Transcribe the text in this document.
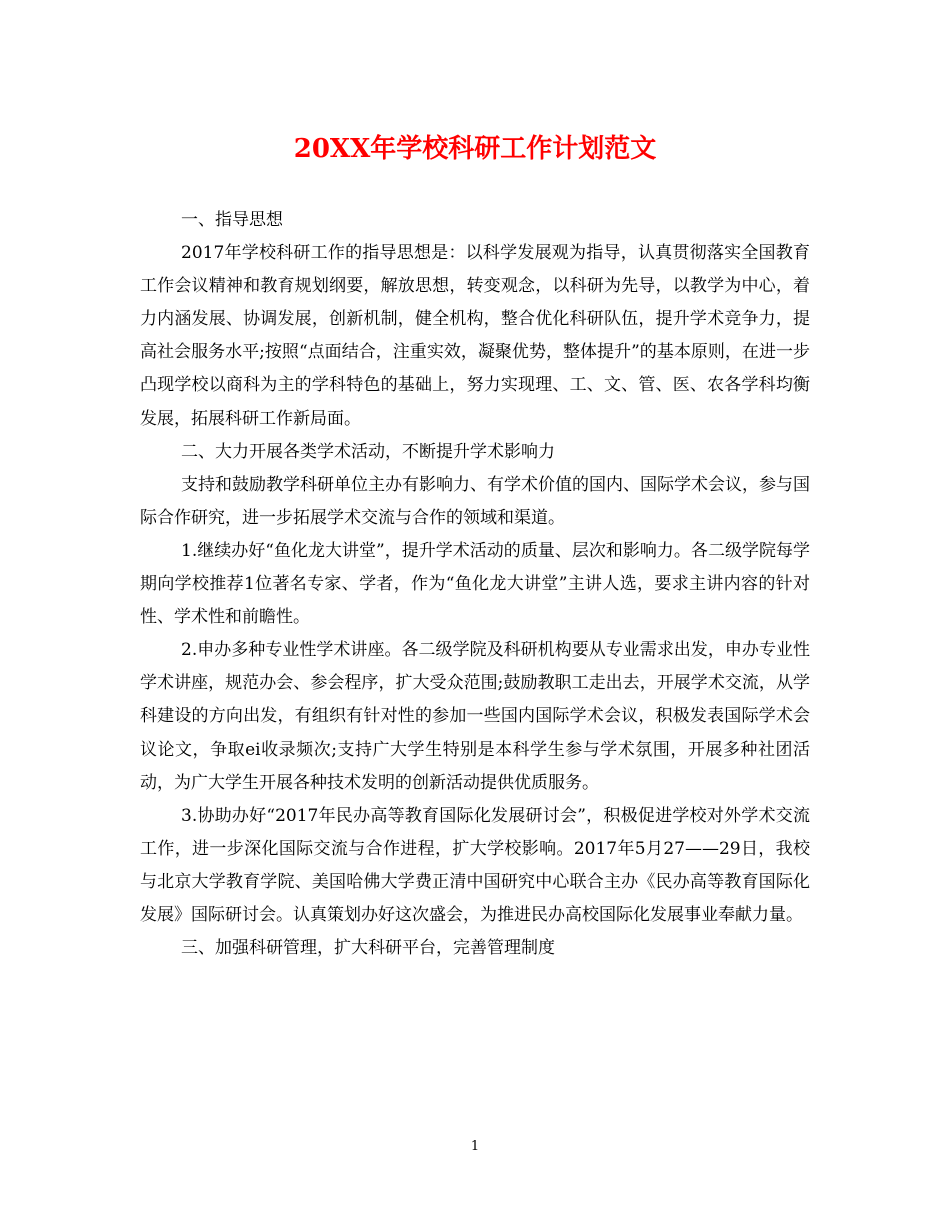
20XX年学校科研工作计划范文

一、指导思想

2017年学校科研工作的指导思想是：以科学发展观为指导，认真贯彻落实全国教育工作会议精神和教育规划纲要，解放思想，转变观念，以科研为先导，以教学为中心，着力内涵发展、协调发展，创新机制，健全机构，整合优化科研队伍，提升学术竞争力，提高社会服务水平;按照“点面结合，注重实效，凝聚优势，整体提升”的基本原则，在进一步凸现学校以商科为主的学科特色的基础上，努力实现理、工、文、管、医、农各学科均衡发展，拓展科研工作新局面。

二、大力开展各类学术活动，不断提升学术影响力

支持和鼓励教学科研单位主办有影响力、有学术价值的国内、国际学术会议，参与国际合作研究，进一步拓展学术交流与合作的领域和渠道。

1.继续办好“鱼化龙大讲堂”，提升学术活动的质量、层次和影响力。各二级学院每学期向学校推荐1位著名专家、学者，作为“鱼化龙大讲堂”主讲人选，要求主讲内容的针对性、学术性和前瞻性。

2.申办多种专业性学术讲座。各二级学院及科研机构要从专业需求出发，申办专业性学术讲座，规范办会、参会程序，扩大受众范围;鼓励教职工走出去，开展学术交流，从学科建设的方向出发，有组织有针对性的参加一些国内国际学术会议，积极发表国际学术会议论文，争取ei收录频次;支持广大学生特别是本科学生参与学术氛围，开展多种社团活动，为广大学生开展各种技术发明的创新活动提供优质服务。

3.协助办好“2017年民办高等教育国际化发展研讨会”，积极促进学校对外学术交流工作，进一步深化国际交流与合作进程，扩大学校影响。2017年5月27——29日，我校与北京大学教育学院、美国哈佛大学费正清中国研究中心联合主办《民办高等教育国际化发展》国际研讨会。认真策划办好这次盛会，为推进民办高校国际化发展事业奉献力量。

三、加强科研管理，扩大科研平台，完善管理制度

1
